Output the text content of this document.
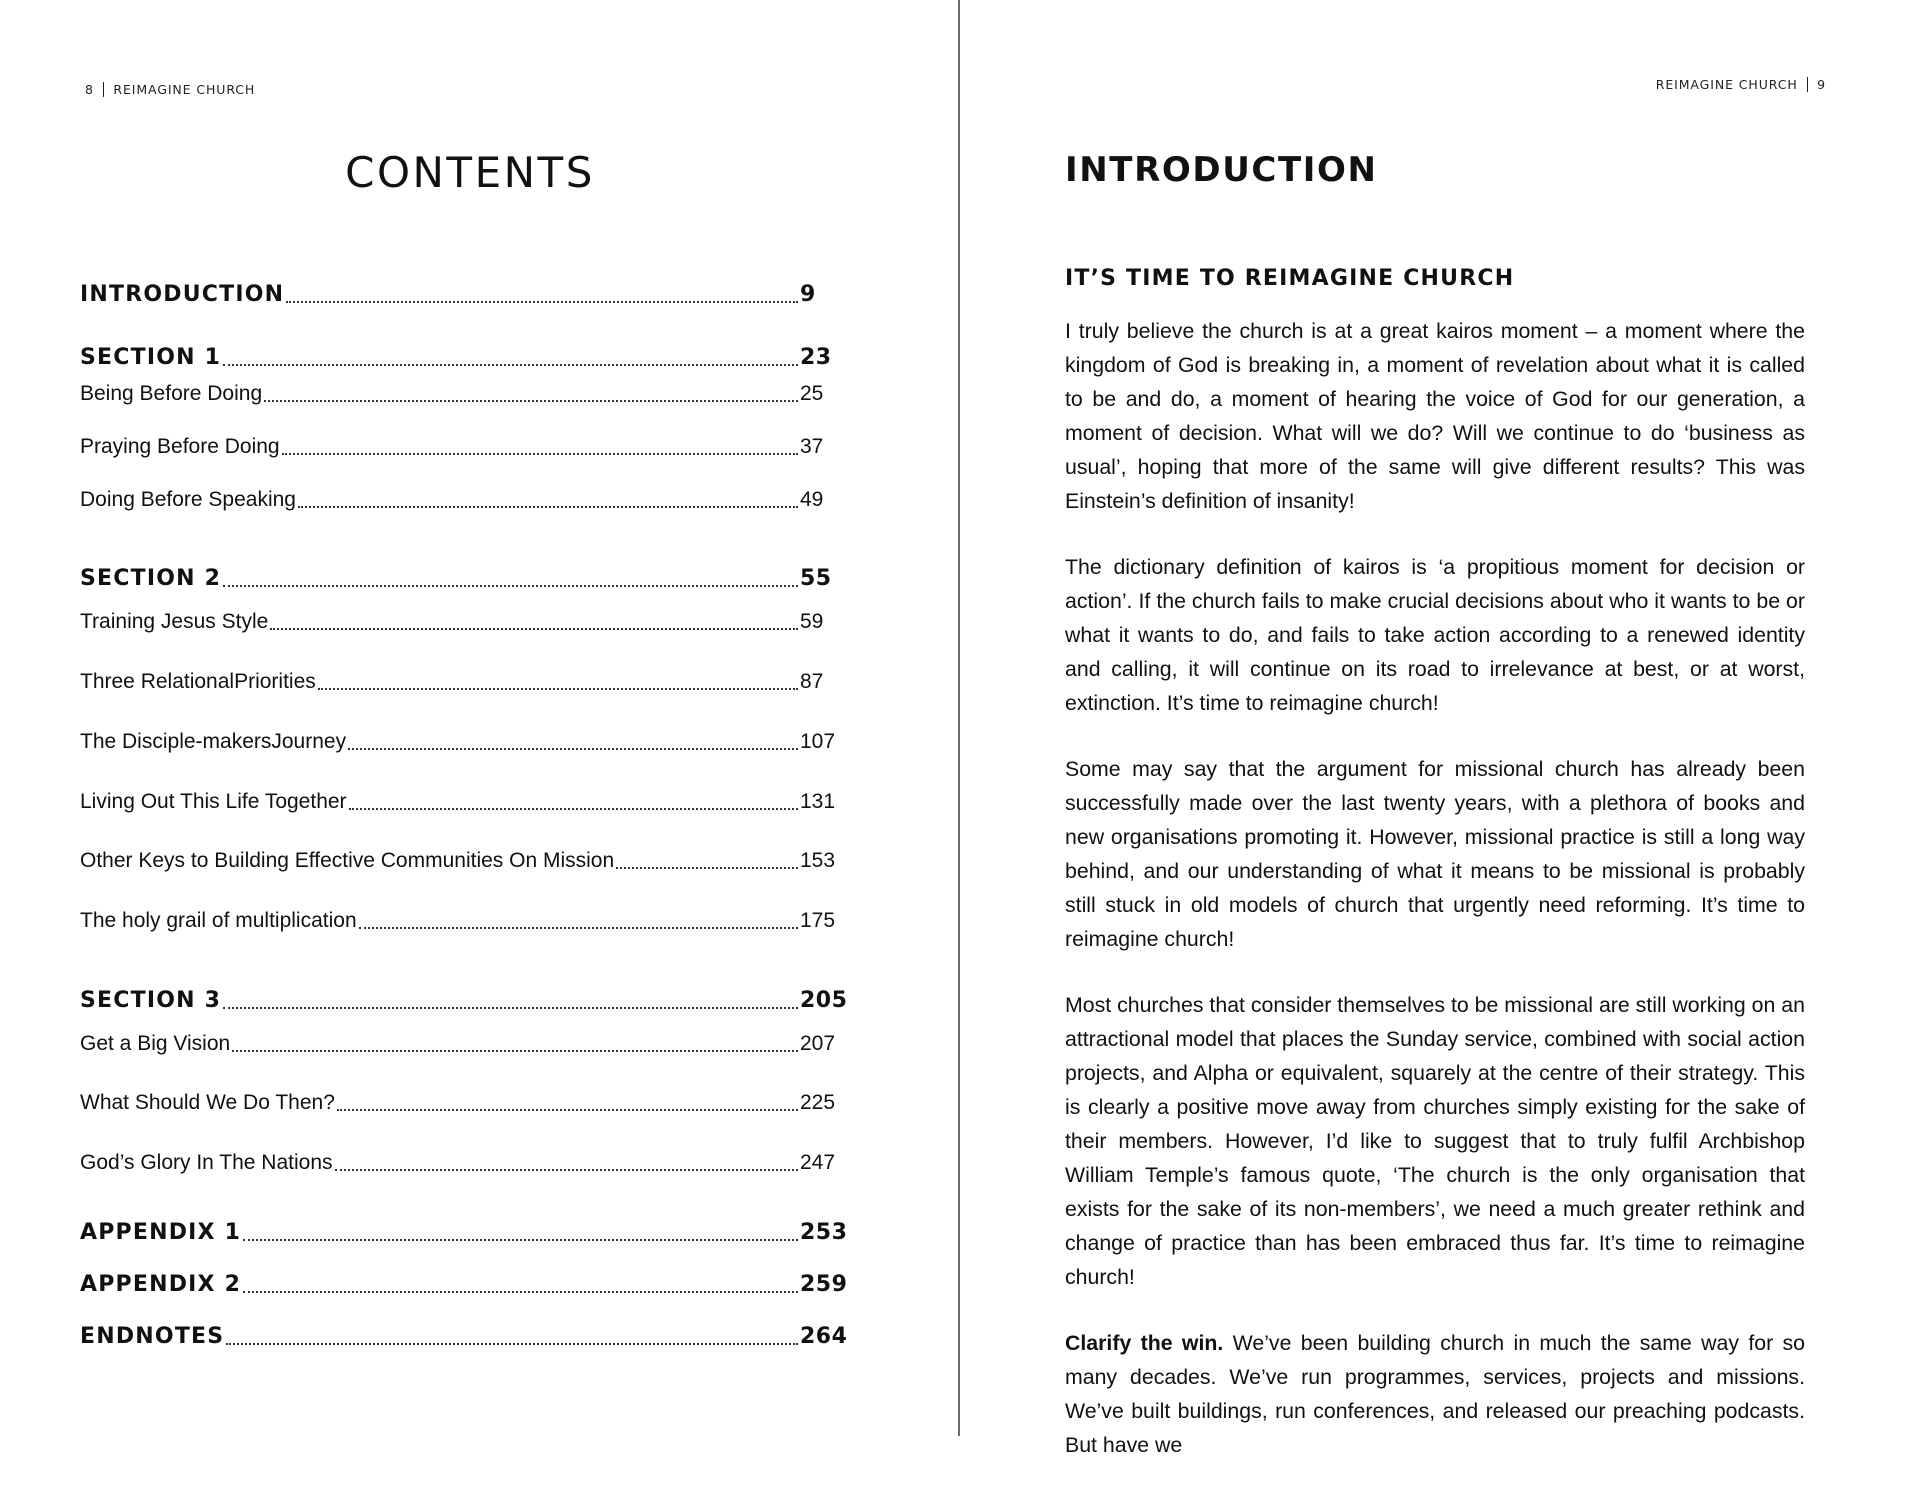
8 REIMAGINE CHURCH
CONTENTS
INTRODUCTION	9
SECTION 1	23
Being Before Doing	25
Praying Before Doing	37
Doing Before Speaking	49
SECTION 2	55
Training Jesus Style	59
Three RelationalPriorities	87
The Disciple-makersJourney	107
Living Out This Life Together	131
Other Keys to Building Effective Communities On Mission	153
The holy grail of multiplication	175
SECTION 3	205
Get a Big Vision	207
What Should We Do Then?	225
God’s Glory In The Nations	247
APPENDIX 1	253
APPENDIX 2	259
ENDNOTES	264
REIMAGINE CHURCH 9
INTRODUCTION
IT’S TIME TO REIMAGINE CHURCH

I truly believe the church is at a great kairos moment – a moment where the kingdom of God is breaking in, a moment of revelation about what it is called to be and do, a moment of hearing the voice of God for our generation, a moment of decision. What will we do? Will we continue to do ‘business as usual’, hoping that more of the same will give different results? This was Einstein’s definition of insanity!

The dictionary definition of kairos is ‘a propitious moment for decision or action’. If the church fails to make crucial decisions about who it wants to be or what it wants to do, and fails to take action according to a renewed identity and calling, it will continue on its road to irrelevance at best, or at worst, extinction. It’s time to reimagine church!

Some may say that the argument for missional church has already been successfully made over the last twenty years, with a plethora of books and new organisations promoting it. However, missional practice is still a long way behind, and our understanding of what it means to be missional is probably still stuck in old models of church that urgently need reforming. It’s time to reimagine church!

Most churches that consider themselves to be missional are still working on an attractional model that places the Sunday service, combined with social action projects, and Alpha or equivalent, squarely at the centre of their strategy. This is clearly a positive move away from churches simply existing for the sake of their members. However, I’d like to suggest that to truly fulfil Archbishop William Temple’s famous quote, ‘The church is the only organisation that exists for the sake of its non-members’, we need a much greater rethink and change of practice than has been embraced thus far. It’s time to reimagine church!

Clarify the win. We’ve been building church in much the same way for so many decades. We’ve run programmes, services, projects and missions. We’ve built buildings, run conferences, and released our preaching podcasts. But have we
